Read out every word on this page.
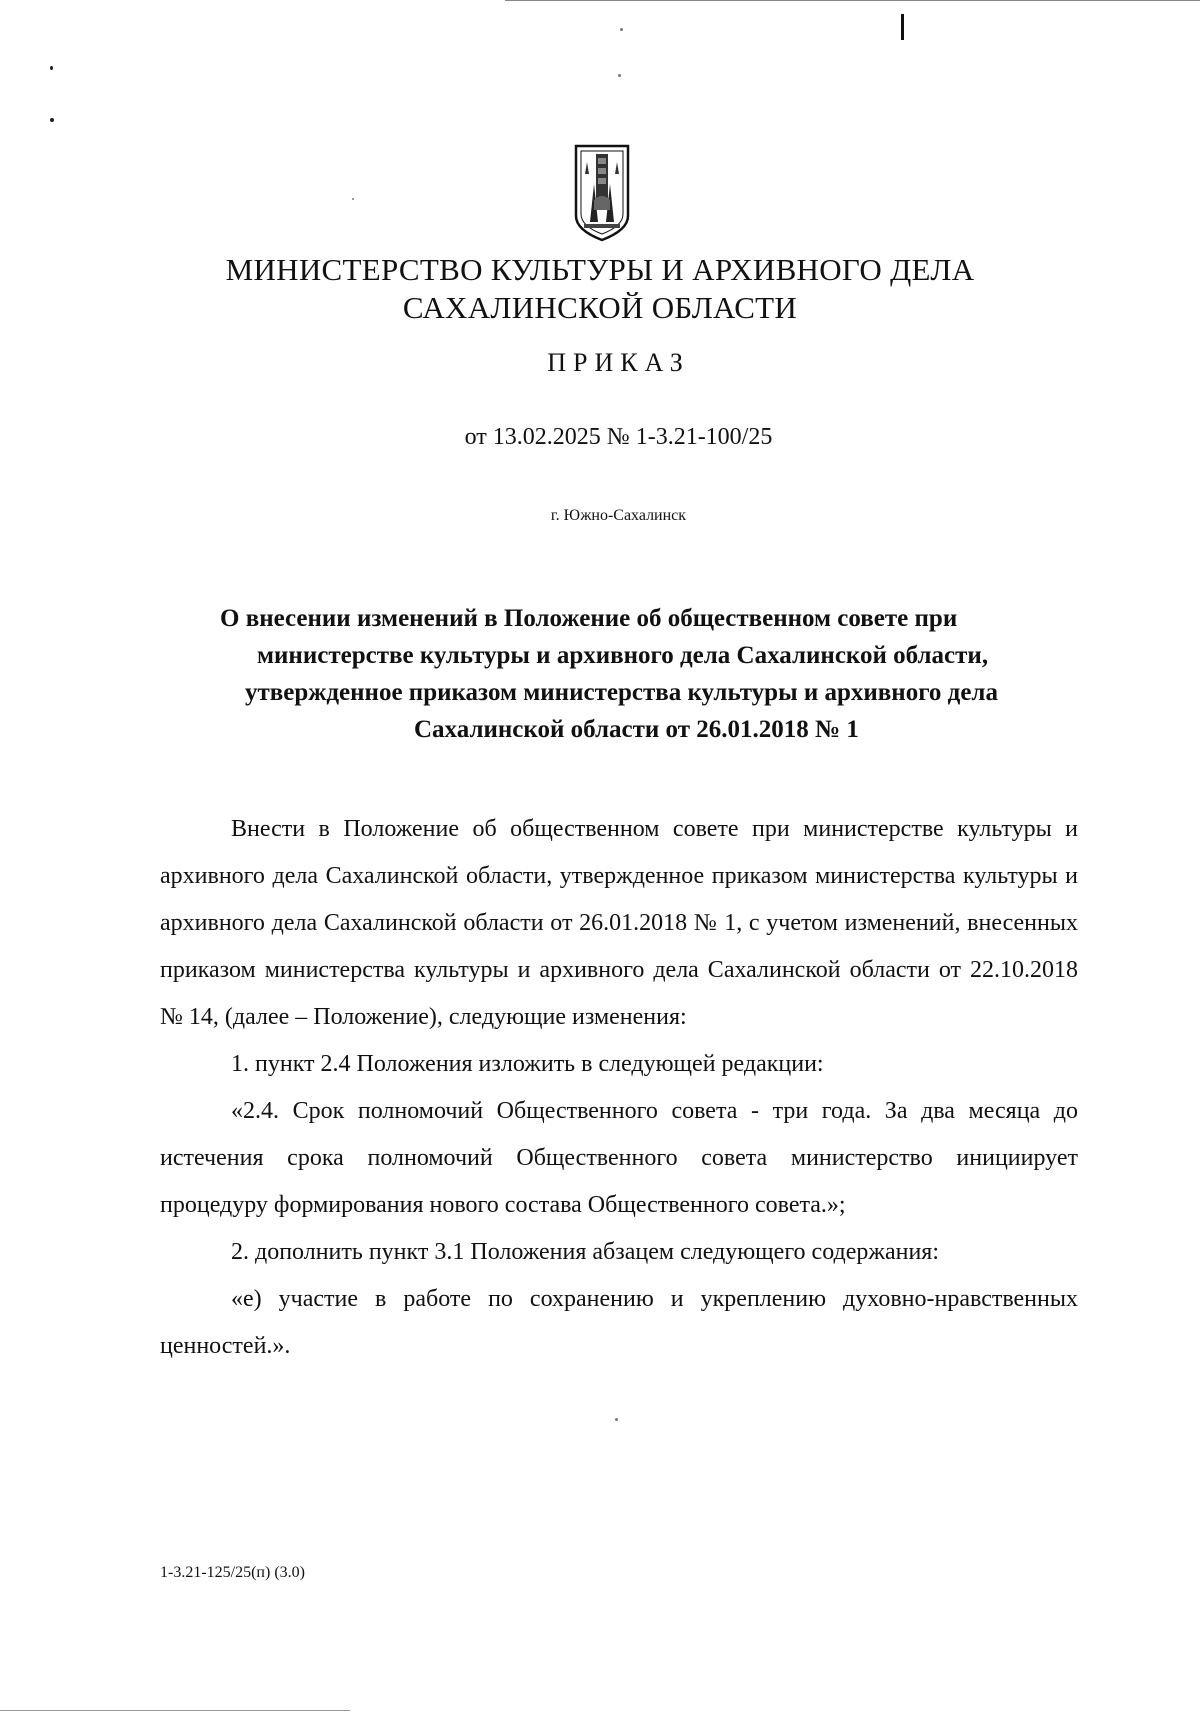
МИНИСТЕРСТВО КУЛЬТУРЫ И АРХИВНОГО ДЕЛА
САХАЛИНСКОЙ ОБЛАСТИ
ПРИКАЗ
от 13.02.2025 № 1-3.21-100/25
г. Южно-Сахалинск
О внесении изменений в Положение об общественном совете при
министерстве культуры и архивного дела Сахалинской области,
утвержденное приказом министерства культуры и архивного дела
Сахалинской области от 26.01.2018 № 1

Внести в Положение об общественном совете при министерстве культуры и архивного дела Сахалинской области, утвержденное приказом министерства культуры и архивного дела Сахалинской области от 26.01.2018 № 1, с учетом изменений, внесенных приказом министерства культуры и архивного дела Сахалинской области от 22.10.2018 № 14, (далее – Положение), следующие изменения:

1. пункт 2.4 Положения изложить в следующей редакции:

«2.4. Срок полномочий Общественного совета - три года. За два месяца до истечения срока полномочий Общественного совета министерство инициирует процедуру формирования нового состава Общественного совета.»;

2. дополнить пункт 3.1 Положения абзацем следующего содержания:

«е) участие в работе по сохранению и укреплению духовно-нравственных ценностей.».

1-3.21-125/25(п) (3.0)
